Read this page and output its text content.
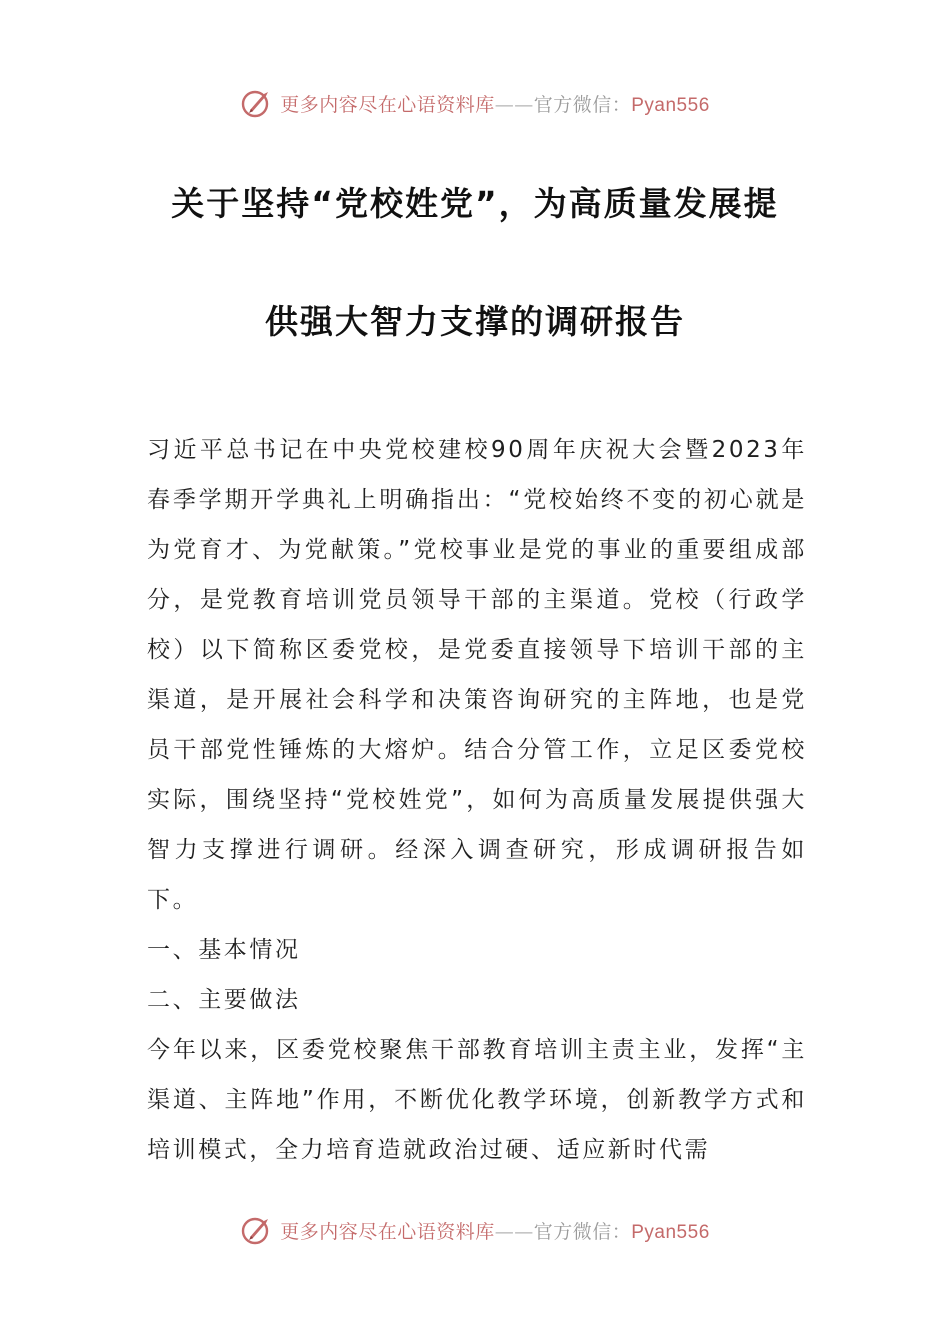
更多内容尽在心语资料库——官方微信：Pyan556
关于坚持“党校姓党”，为高质量发展提
供强大智力支撑的调研报告

习近平总书记在中央党校建校90周年庆祝大会暨2023年春季学期开学典礼上明确指出：“党校始终不变的初心就是为党育才、为党献策。”党校事业是党的事业的重要组成部分，是党教育培训党员领导干部的主渠道。党校（行政学校）以下简称区委党校，是党委直接领导下培训干部的主渠道，是开展社会科学和决策咨询研究的主阵地，也是党员干部党性锤炼的大熔炉。结合分管工作，立足区委党校实际，围绕坚持“党校姓党”，如何为高质量发展提供强大智力支撑进行调研。经深入调查研究，形成调研报告如下。

一、基本情况

二、主要做法

今年以来，区委党校聚焦干部教育培训主责主业，发挥“主渠道、主阵地”作用，不断优化教学环境，创新教学方式和培训模式，全力培育造就政治过硬、适应新时代需

更多内容尽在心语资料库——官方微信：Pyan556
